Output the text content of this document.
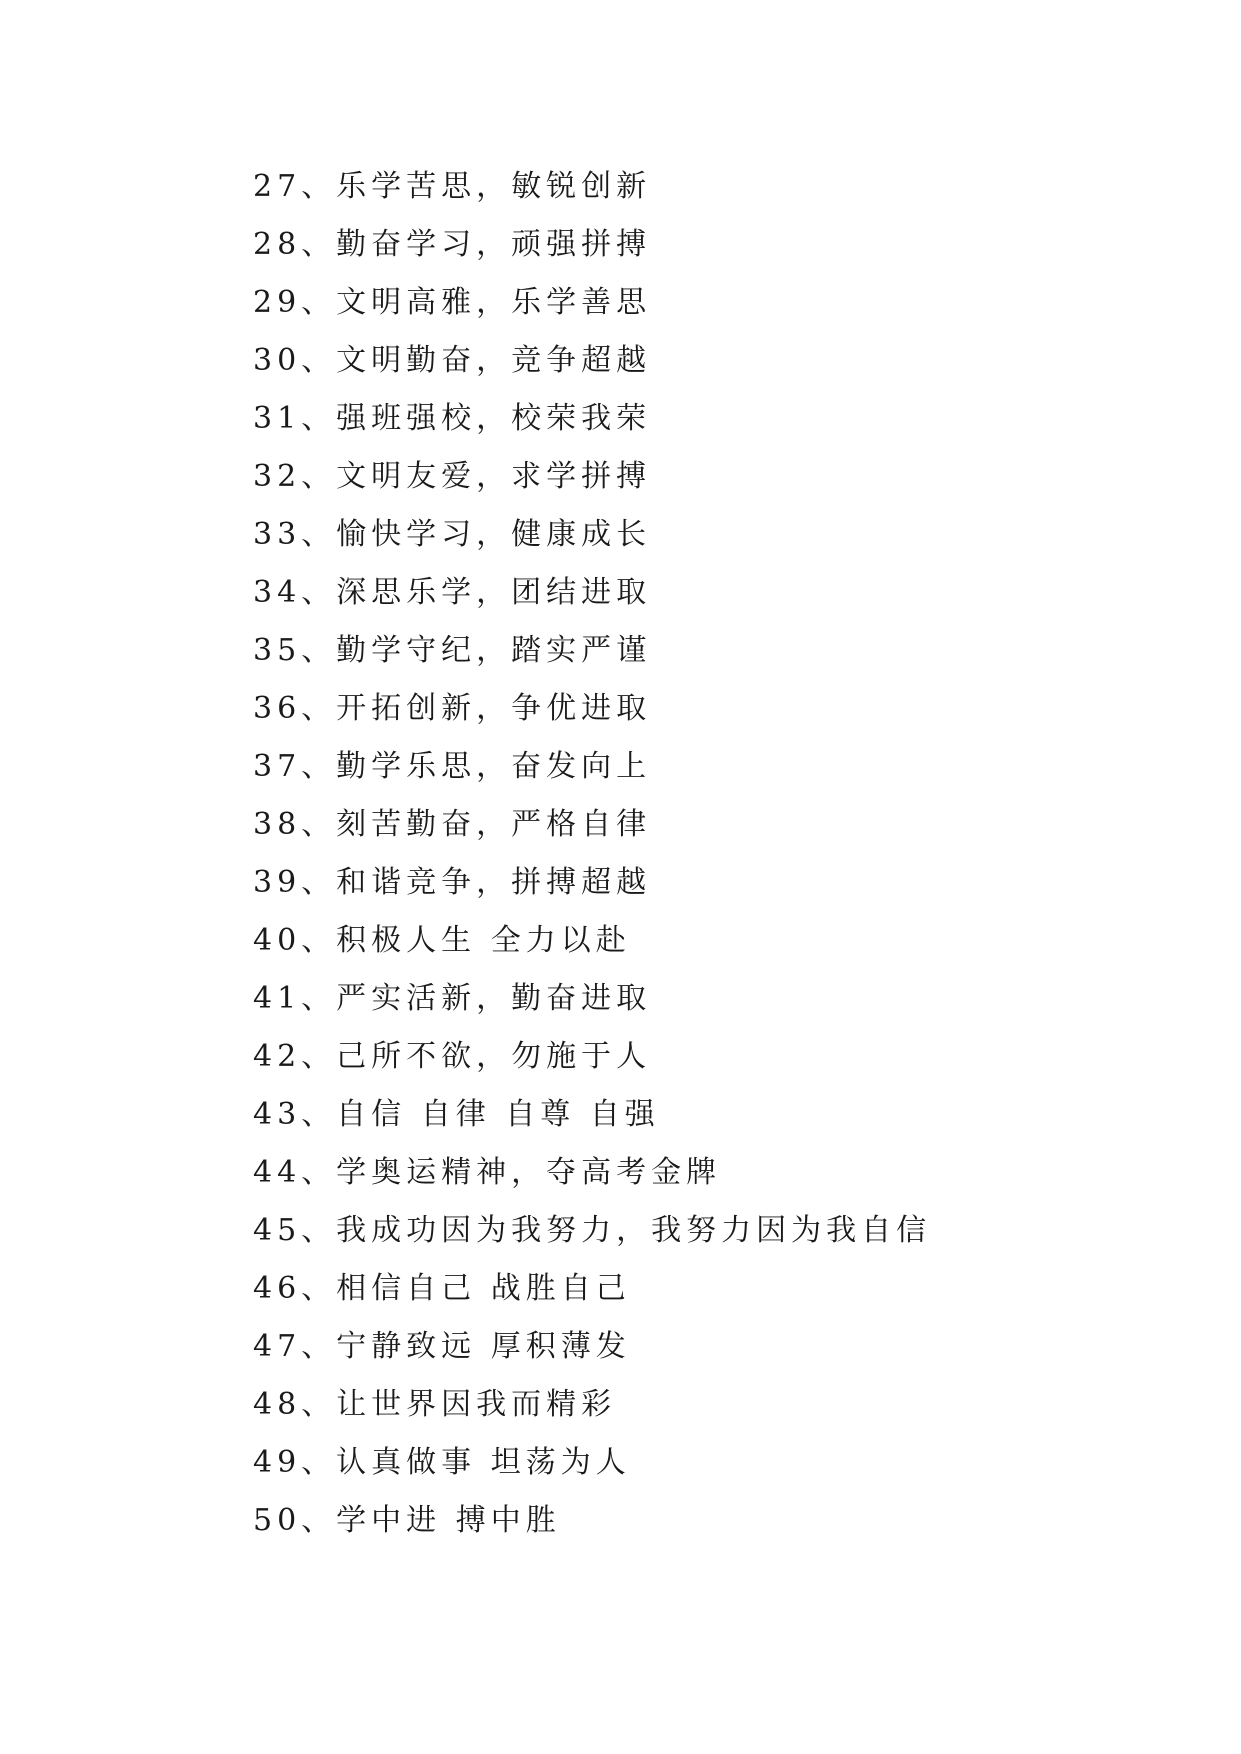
27、乐学苦思，敏锐创新
28、勤奋学习，顽强拼搏
29、文明高雅，乐学善思
30、文明勤奋，竞争超越
31、强班强校，校荣我荣
32、文明友爱，求学拼搏
33、愉快学习，健康成长
34、深思乐学，团结进取
35、勤学守纪，踏实严谨
36、开拓创新，争优进取
37、勤学乐思，奋发向上
38、刻苦勤奋，严格自律
39、和谐竞争，拼搏超越
40、积极人生 全力以赴
41、严实活新，勤奋进取
42、己所不欲，勿施于人
43、自信 自律 自尊 自强
44、学奥运精神，夺高考金牌
45、我成功因为我努力，我努力因为我自信
46、相信自己 战胜自己
47、宁静致远 厚积薄发
48、让世界因我而精彩
49、认真做事 坦荡为人
50、学中进 搏中胜
